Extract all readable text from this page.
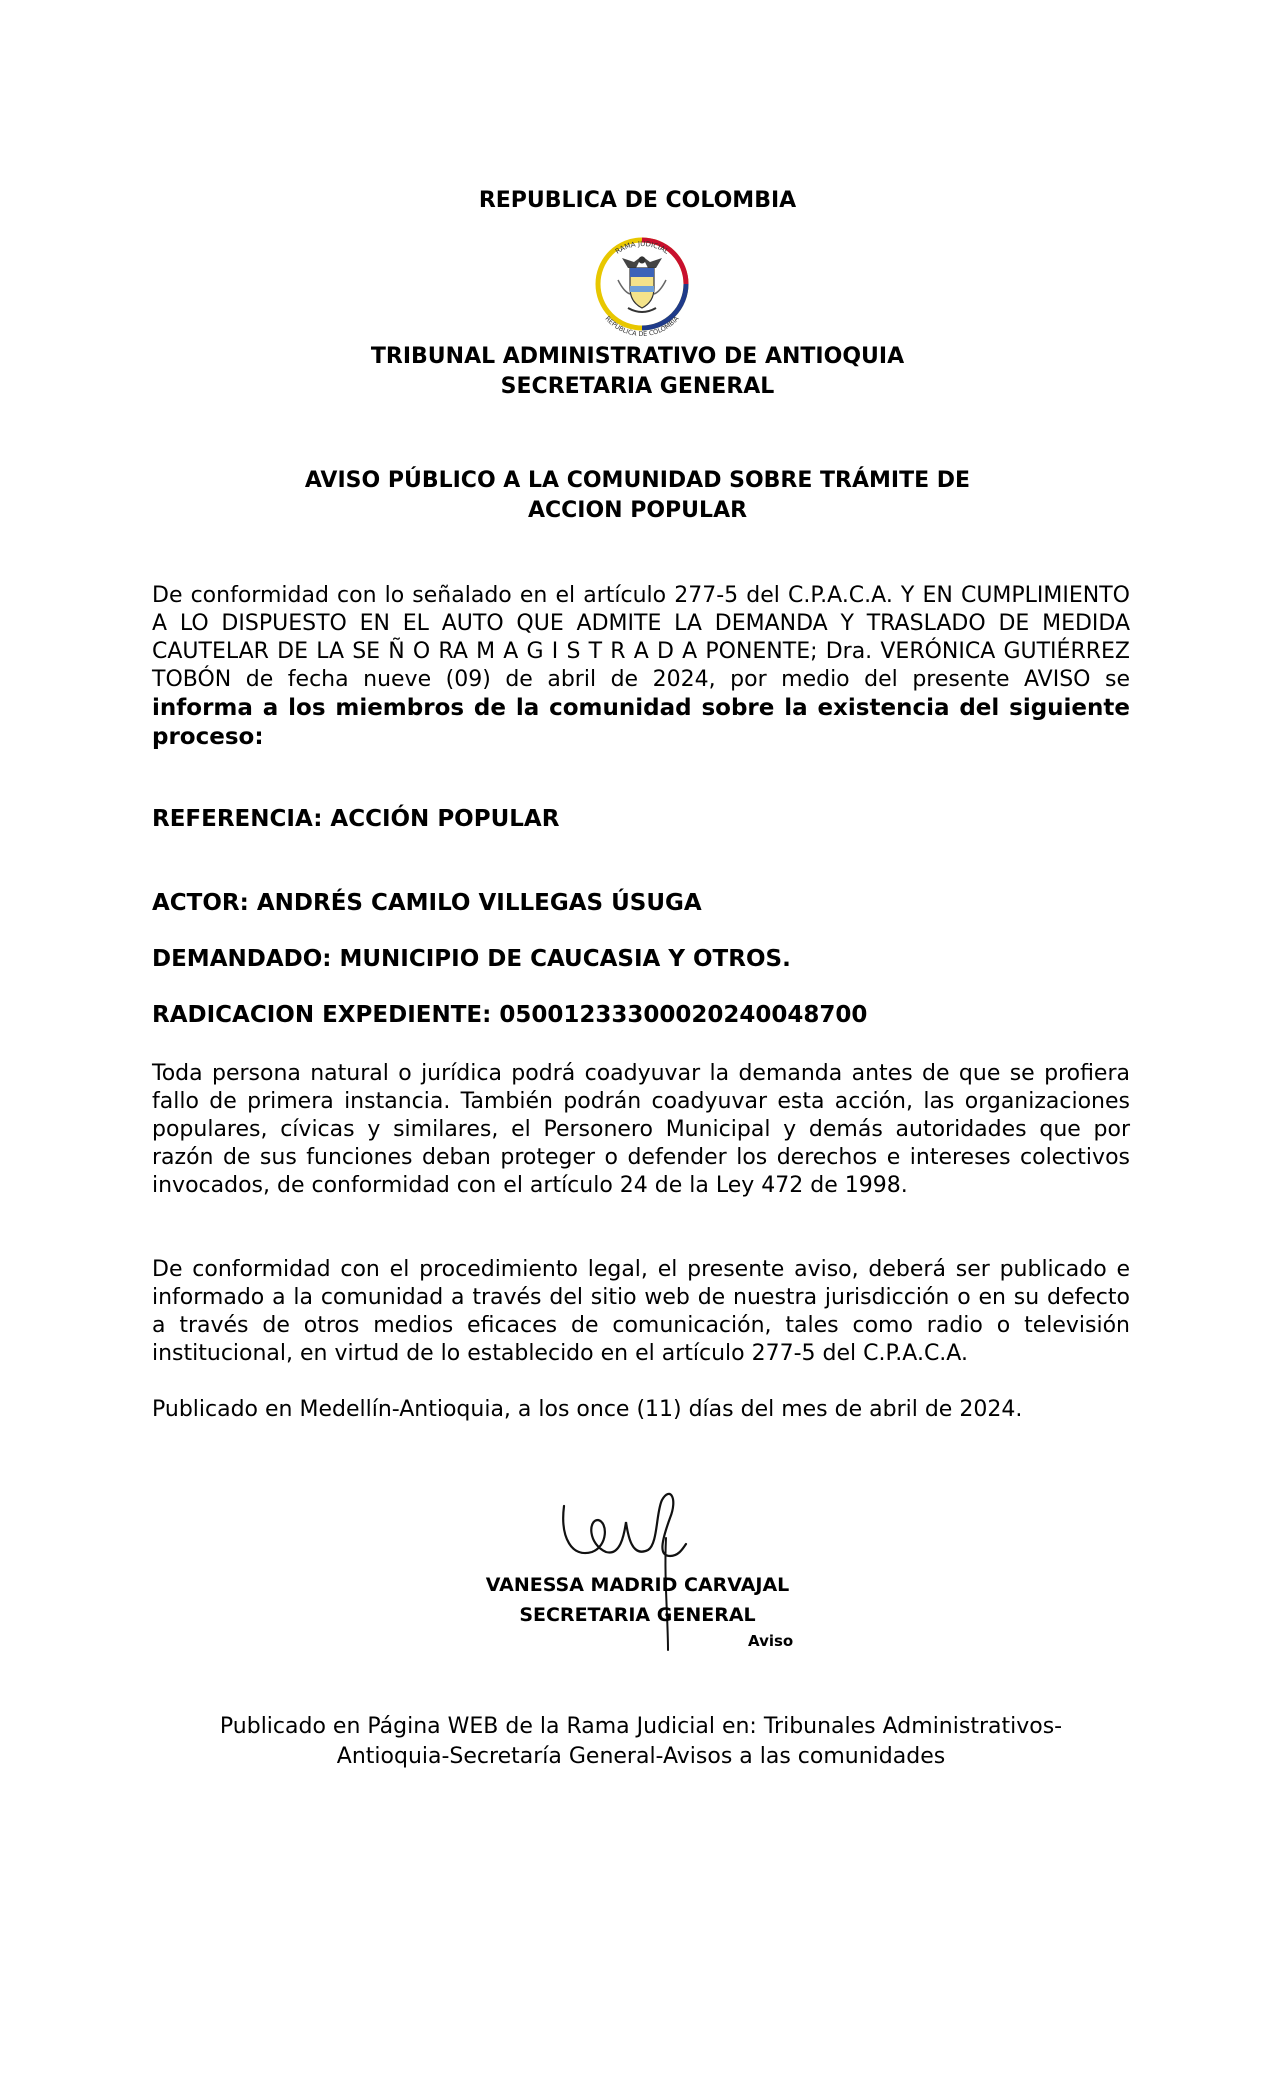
REPUBLICA DE COLOMBIA
RAMA JUDICIAL
REPUBLICA DE COLOMBIA
TRIBUNAL ADMINISTRATIVO DE ANTIOQUIA
SECRETARIA GENERAL
AVISO PÚBLICO A LA COMUNIDAD SOBRE TRÁMITE DE
ACCION POPULAR
De conformidad con lo señalado en el artículo 277-5 del C.P.A.C.A. Y EN CUMPLIMIENTO A LO DISPUESTO EN EL AUTO QUE ADMITE LA DEMANDA Y TRASLADO DE MEDIDA CAUTELAR DE LA SE Ñ O RA M A G I S T R A D A PONENTE; Dra. VERÓNICA GUTIÉRREZ TOBÓN de fecha nueve (09) de abril de 2024, por medio del presente AVISO se informa a los miembros de la comunidad sobre la existencia del siguiente proceso:
REFERENCIA: ACCIÓN POPULAR
ACTOR: ANDRÉS CAMILO VILLEGAS ÚSUGA
DEMANDADO: MUNICIPIO DE CAUCASIA Y OTROS.
RADICACION EXPEDIENTE: 05001233300020240048700
Toda persona natural o jurídica podrá coadyuvar la demanda antes de que se profiera fallo de primera instancia. También podrán coadyuvar esta acción, las organizaciones populares, cívicas y similares, el Personero Municipal y demás autoridades que por razón de sus funciones deban proteger o defender los derechos e intereses colectivos invocados, de conformidad con el artículo 24 de la Ley 472 de 1998.
De conformidad con el procedimiento legal, el presente aviso, deberá ser publicado e informado a la comunidad a través del sitio web de nuestra jurisdicción o en su defecto a través de otros medios eficaces de comunicación, tales como radio o televisión institucional, en virtud de lo establecido en el artículo 277-5 del C.P.A.C.A.
Publicado en Medellín-Antioquia, a los once (11) días del mes de abril de 2024.
VANESSA MADRID CARVAJAL
SECRETARIA GENERAL
Aviso
Publicado en Página WEB de la Rama Judicial en: Tribunales Administrativos-
Antioquia-Secretaría General-Avisos a las comunidades
